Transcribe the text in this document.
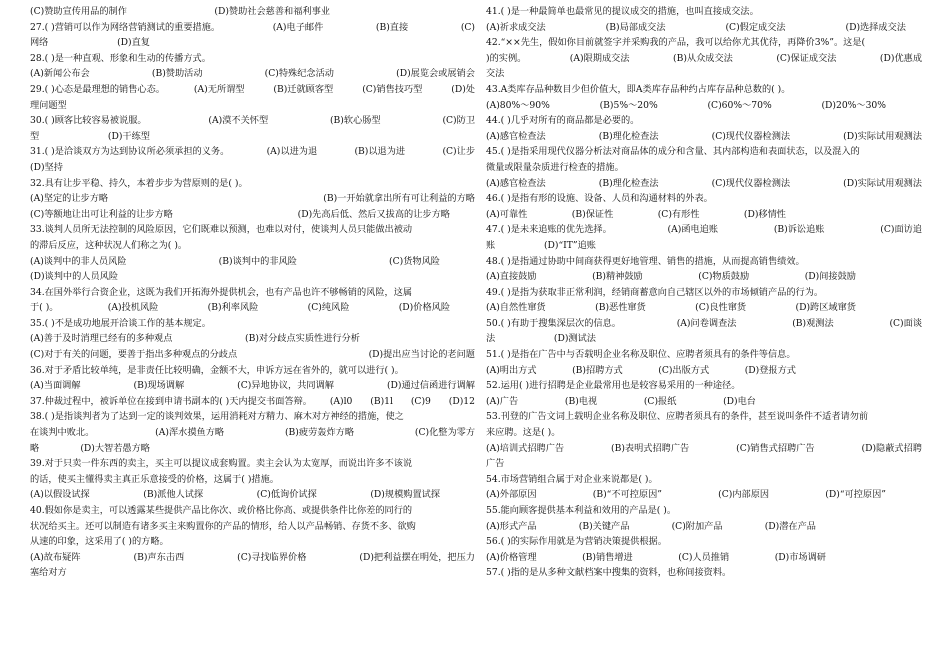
(C)赞助宣传用品的制作	(D)赞助社会慈善和福利事业
27.( )营销可以作为网络营销测试的重要措施。	(A)电子邮件	(B)直接	(C)
网络	(D)直复
28.( )是一种直观、形象和生动的传播方式。
(A)新闻公布会	(B)赞助活动	(C)特殊纪念活动	(D)展览会或展销会
29.( )心态是最理想的销售心态。	(A)无所谓型	(B)迁就顾客型	(C)销售技巧型	(D)处
理问题型
30.( )顾客比较容易被说服。	(A)漠不关怀型	(B)软心肠型	(C)防卫
型	(D)干练型
31.( )是洽谈双方为达到协议所必须承担的义务。	(A)以进为退	(B)以退为进	(C)让步
(D)坚持
32.具有让步平稳、持久，本着步步为营原则的是( )。
(A)坚定的让步方略	(B)一开始就拿出所有可让利益的方略
(C)等额地让出可让利益的让步方略	(D)先高后低、然后又拔高的让步方略
33.谈判人员所无法控制的风险原因，它们既难以预测，也难以对付，使谈判人员只能做出被动
的滞后反应，这种状况人们称之为( )。
(A)谈判中的非人员风险	(B)谈判中的非风险	(C)货物风险
(D)谈判中的人员风险
34.在国外举行合资企业，这既为我们开拓海外提供机会，也有产品也许不够畅销的风险，这属
于( )。	(A)投机风险	(B)利率风险	(C)纯风险	(D)价格风险
35.( )不是成功地展开洽谈工作的基本规定。
(A)善于及时消理已经有的多种观点	(B)对分歧点实质性进行分析
(C)对于有关的问题，要善于指出多种观点的分歧点	(D)提出应当讨论的老问题
36.对于矛盾比较单纯，是非责任比较明确，金额不大，申诉方远在省外的，就可以进行( )。
(A)当面调解	(B)现场调解	(C)异地协议，共同调解	(D)通过信函进行调解
37.仲裁过程中，被诉单位在接到申请书副本的( )天内提交书面答辩。 (A)l0 (B)1l (C)9 (D)12
38.( )是指谈判者为了达到一定的谈判效果，运用消耗对方精力、麻木对方神经的措施，使之
在谈判中败北。	(A)浑水摸鱼方略	(B)疲劳轰炸方略	(C)化整为零方
略	(D)大智若愚方略
39.对于只卖一件东西的卖主，买主可以提议成套购置。卖主会认为太宽厚，而说出许多不该说
的话，使买主懂得卖主真正乐意接受的价格，这属于( )措施。
(A)以假设试探	(B)派他人试探	(C)低询价试探	(D)规模购置试探
40.假如你是卖主，可以透露某些提供产品比你次、或价格比你高、或提供条件比你差的同行的
状况给买主。还可以制造有诸多买主来购置你的产品的情形，给人以产品畅销、存货不多、欲购
从速的印象，这采用了( )的方略。
(A)故布疑阵	(B)声东击西	(C)寻找临界价格	(D)把利益摆在明处，把压力
塞给对方
41.( )是一种最简单也最常见的提议成交的措施，也叫直接成交法。
(A)祈求成交法	(B)局部成交法	(C)假定成交法	(D)选择成交法
42.“××先生，假如你目前就签字并采购我的产品，我可以给你尤其优待，再降价3%”。这是(
)的实例。	(A)限期成交法	(B)从众成交法	(C)保证成交法	(D)优惠成
交法
43.A类库存品种数目少但价值大，即A类库存品种约占库存品种总数的( )。
(A)80%～90%	(B)5%～20%	(C)60%～70%	(D)20%～30%
44.( )几乎对所有的商品都是必要的。
(A)感官检查法	(B)理化检查法	(C)现代仪器检测法	(D)实际试用观测法
45.( )是指采用现代仪器分析法对商品体的成分和含量、其内部构造和表面状态，以及混入的
微量或限量杂质进行检查的措施。
(A)感官检查法	(B)理化检查法	(C)现代仪器检测法	(D)实际试用观测法
46.( )是指有形的设施、设备、人员和沟通材料的外表。
(A)可靠性	(B)保证性	(C)有形性	(D)移情性
47.( )是未来追账的优先选择。	(A)函电追账	(B)诉讼追账	(C)面访追
账	(D)“IT”追账
48.( )是指通过协助中间商获得更好地管理、销售的措施，从而提高销售绩效。
(A)直接鼓励	(B)精神鼓励	(C)物质鼓励	(D)间接鼓励
49.( )是指为获取非正常利润，经销商蓄意向自己辖区以外的市场倾销产品的行为。
(A)自然性窜货	(B)恶性窜货	(C)良性窜货	(D)跨区域窜货
50.( )有助于搜集深层次的信息。	(A)问卷调查法	(B)观测法	(C)面谈
法	(D)测试法
51.( )是指在广告中与否载明企业名称及职位、应聘者须具有的条件等信息。
(A)明出方式	(B)招聘方式	(C)出版方式	(D)登报方式
52.运用( )进行招聘是企业最常用也是较容易采用的一种途径。
(A)广告	(B)电视	(C)报纸	(D)电台
53.刊登的广告文词上载明企业名称及职位、应聘者须具有的条件，甚至说叫条件不适者请勿前
来应聘。这是( )。
(A)培训式招聘广告	(B)表明式招聘广告	(C)销售式招聘广告	(D)隐蔽式招聘
广告
54.市场营销组合属于对企业来说都是( )。
(A)外部原因	(B)“不可控原因”	(C)内部原因	(D)“可控原因”
55.能向顾客提供基本利益和效用的产品是( )。
(A)形式产品	(B)关键产品	(C)附加产品	(D)潜在产品
56.( )的实际作用就是为营销决策提供根据。
(A)价格管理	(B)销售增进	(C)人员推销	(D)市场调研
57.( )指的是从多种文献档案中搜集的资料，也称间接资料。
